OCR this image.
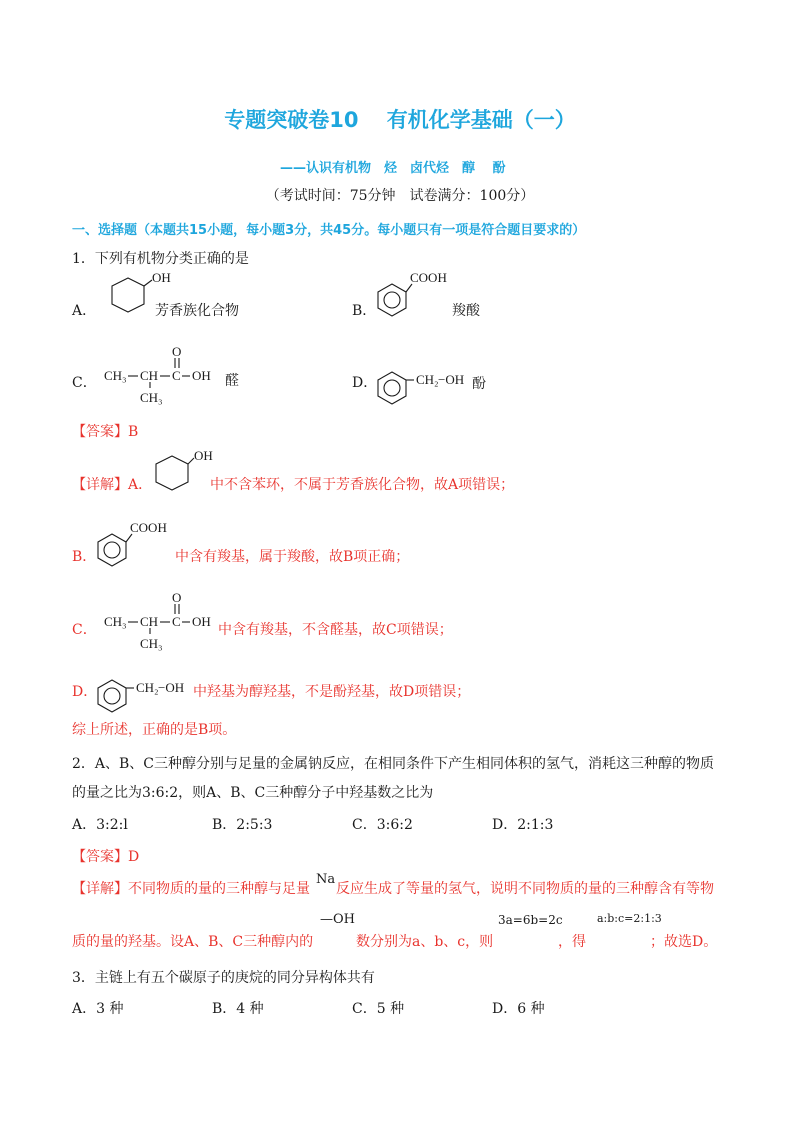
专题突破卷10　 有机化学基础（一）
——认识有机物　烃　卤代烃　醇　 酚
（考试时间：75分钟　试卷满分：100分）
一、选择题（本题共15小题，每小题3分，共45分。每小题只有一项是符合题目要求的）
1．下列有机物分类正确的是
A．
OH
芳香族化合物	B．
COOH
羧酸
C． CH₃ CH
CH₃
C
O
OH 醛	D．	CH₂ −OH 酚
【答案】B
【详解】A．
OH
中不含苯环，不属于芳香族化合物，故A项错误；
B．
COOH
中含有羧基，属于羧酸，故B项正确；
C．
CH₃ CH
CH₃
C
O
OH
中含有羧基，不含醛基，故C项错误；
D．	CH₂ −OH 中羟基为醇羟基，不是酚羟基，故D项错误；
综上所述，正确的是B项。
2．A、B、C三种醇分别与足量的金属钠反应，在相同条件下产生相同体积的氢气，消耗这三种醇的物质
的量之比为3:6:2，则A、B、C三种醇分子中羟基数之比为
A．3:2:l	B．2:5:3	C．3:6:2	D．2:1:3
【答案】D
【详解】不同物质的量的三种醇与足量
Na
反应生成了等量的氢气，说明不同物质的量的三种醇含有等物
质的量的羟基。设A、B、C三种醇内的
—OH
数分别为a、b、c，则
3a=6b=2c
，得
a:b:c=2:1:3
；故选D。
3．主链上有五个碳原子的庚烷的同分异构体共有
A．3 种	B．4 种	C．5 种	D．6 种
